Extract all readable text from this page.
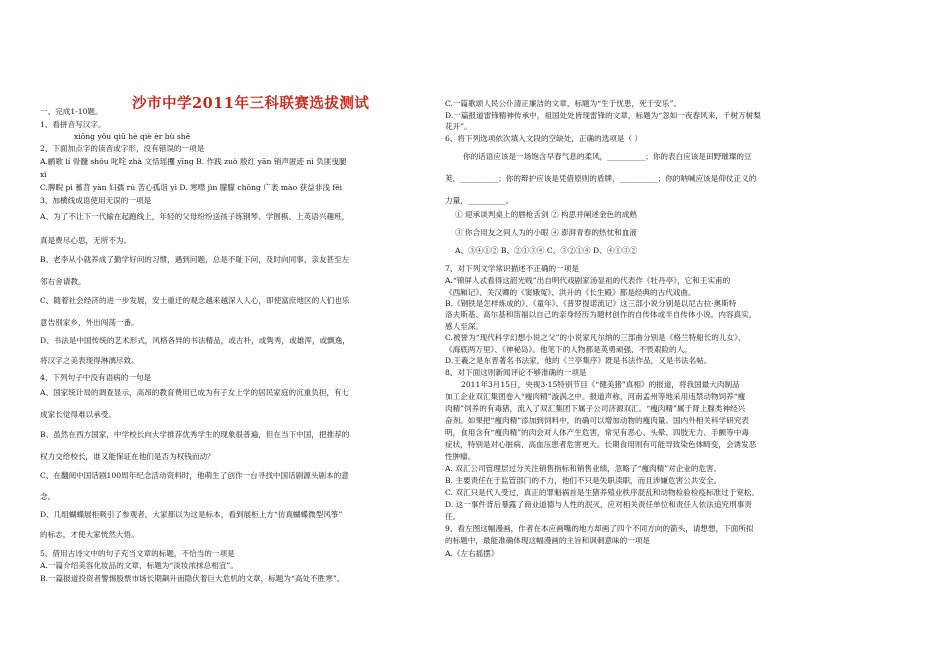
沙市中学2011年三科联赛选拔测试
一、完成1-10题。
1、看拼音写汉字。
xiōng yǒu qiū hè qiè èr bù shě
2、下面加点字的读音或字形，没有错误的一项是
A.鹂歌 lí 骨髓 shǒu 叱咤 zhà 文恬瑶攫 yīng B. 作践 zuò 殷红 yān 销声匿迹 nì 负匪曳腿
xì
C.脾睨 pì 蓄苕 yàn 妇孺 rú 苦心孤诣 yì D. 寒噤 jìn 朦朦 chōng 广袤 mào 获益非浅 fěi
3、加横线成语使用无误的一项是
A、为了不让下一代输在起跑线上，年轻的父母纷纷送孩子练钢琴、学围棋、上英语兴趣班，
真是费尽心思，无所不为。
B、老李从小就养成了勤学好问的习惯，遇到问题，总是不耻下问，及时向同事、亲友甚至左
邻右舍请教。
C、随着社会经济的进一步发展，安土重迁的观念越来越深入人心，即使富庶地区的人们也乐
意告别家乡，外出闯荡一番。
D、书法是中国传统的艺术形式，风格各异的书法精品，或古朴，或隽秀，或雄浑，或飘逸，
将汉字之美表现得淋漓尽致。
4、下列句子中没有语病的一句是
A、国家统计局的调查显示，高昂的教育费用已成为有子女上学的居民家庭的沉重负担，有七
成家长觉得难以承受。
B、虽然在西方国家，中学校长向大学推荐优秀学生的现象很普遍，但在当下中国，把推荐的
权力交给校长，谁又能保证在他们是否为权钱而动？
C、在翻阅中国话剧100周年纪念活动资料时，他萌生了创作一台寻找中国话剧源头剧本的意
念。
D、几组蝴蝶展柜吸引了参观者，大家都以为这是标本，看到展柜上方“仿真蝴蝶微型风筝”
的标志，才使大家恍然大悟。
5、借用古诗文中的句子充当文章的标题，不恰当的一项是
A.一篇介绍美容化妆品的文章，标题为“淡妆浓抹总相宜”。
B.一篇报道投资者警惕股票市场长期飙升而隐伏着巨大危机的文章，标题为“高处不胜寒”。
C.一篇歌颂人民公仆清正廉洁的文章，标题为“生于忧患，死于安乐”。
D.一篇报道雷锋精神传承中，祖国处处皆现雷锋的文章，标题为“忽如一夜春风来，千树万树梨
花开”。
6、将下列选项依次填入文段的空缺处，正确的选项是（ ）
你的话语应该是一场饱含早春气息的柔风，__________；你的表白应该是田野璀璨的豆
荚，__________；你的辩护应该是凭借原则的盾牌，__________；你的呐喊应该是仰仗正义的
力量，__________。
① 迎承谈判桌上的唇枪舌剑 ② 构思并阐述金色的成熟
③ 你合用友之间人为的小眼 ④ 澎湃青春的热忱和血液
A、③④①② B、②①③④ C、③②①④ D、④①③②
7、对下列文学常识描述不正确的一项是
A.“锦屏人忒看得这韶光贱”出自明代戏剧家汤显祖的代表作《牡丹亭》，它和王实甫的
《西厢记》、关汉卿的《窦娥冤》、洪升的《长生殿》都是经典的古代戏曲。
B.《钢铁是怎样炼成的》、《童年》、《普罗提诺流记》这三部小说分别是以尼古拉·奥斯特
洛夫斯基、高尔基和笛福以自己的亲身经历为题材创作的自传体或半自传体小说。内容真实，
感人至深。
C.被誉为“现代科学幻想小说之父”的小说家凡尔纳的三部曲分别是《格兰特船长的儿女》、
《海底两万里》、《神秘岛》。他笔下的人物都是英勇顽强、不畏艰险的人。
D.王羲之是东晋著名书法家，他的《兰亭集序》既是书法作品，又是书法名帖。
8、对下面这则新闻评论不够准确的一项是
2011年3月15日，央视3·15特别节目《“健美猪”真相》的报道，将我国最大肉制品
加工企业双汇集团卷入“瘦肉精”漩涡之中。报道声称，河南孟州等地采用违禁动物饲养“瘦
肉精”饲养的有毒猪，流入了双汇集团下属子公司济源双汇。“瘦肉精”属于肾上腺类神经兴
奋剂。如果把“瘦肉精”添加到饲料中，的确可以增加动物的瘦肉量。国内外相关科学研究表
明，食用含有“瘦肉精”的肉会对人体产生危害，常见有恶心、头晕、四肢无力、手颤等中毒
症状，特别是对心脏病、高血压患者危害更大。长期食用则有可能导致染色体畸变，会诱发恶
性肿瘤。
A. 双汇公司管理层过分关注销售指标和销售业绩，忽略了“瘦肉精”对企业的危害。
B. 主要责任在于监管部门的不力，他们不只是失职渎职，而且涉嫌危害公共安全。
C. 双汇只是代人受过，真正的罪魁祸首是生猪养殖业秩序混乱和动物检验检疫标准过于宽松。
D. 这一事件背后暴露了商业道德与人性的泯灭，应对相关责任单位和责任人依法追究刑事责
任。
9、看左图这幅漫画，作者在本应画嘴的地方却画了四个不同方向的箭头，请想想，下面所拟
的标题中，最能准确体现这幅漫画的主旨和讽刺意味的一项是
A.《左右摇摆》
